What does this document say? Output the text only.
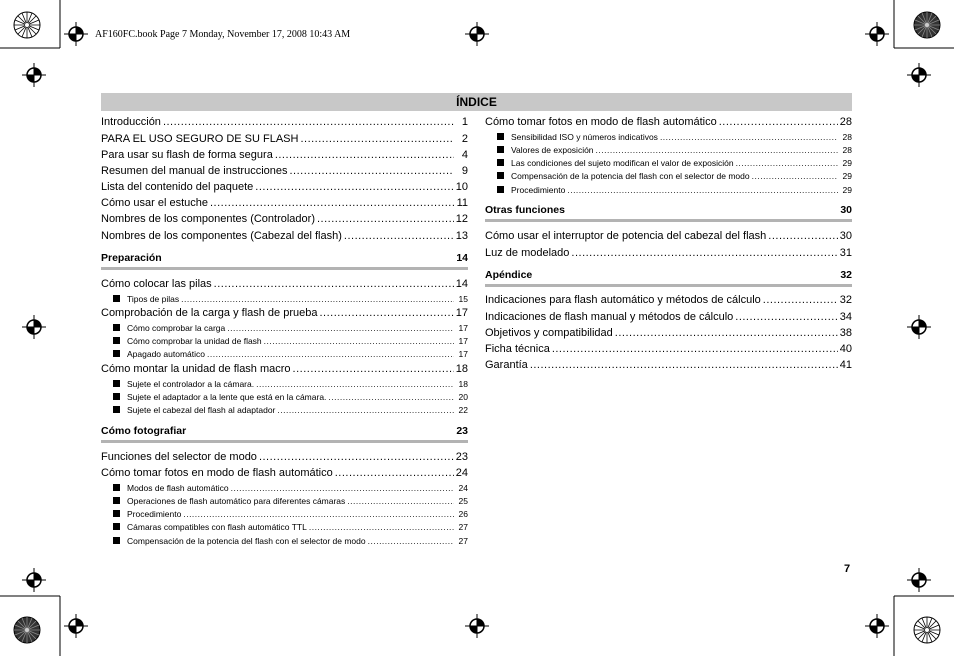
AF160FC.book Page 7 Monday, November 17, 2008 10:43 AM
ÍNDICE
Introducción .....	1
PARA EL USO SEGURO DE SU FLASH .....	2
Para usar su flash de forma segura .....	4
Resumen del manual de instrucciones .....	9
Lista del contenido del paquete .....	10
Cómo usar el estuche .....	11
Nombres de los componentes (Controlador) .....	12
Nombres de los componentes (Cabezal del flash) .....	13
Preparación	14
Cómo colocar las pilas .....	14
Tipos de pilas .....	15
Comprobación de la carga y flash de prueba .....	17
Cómo comprobar la carga .....	17
Cómo comprobar la unidad de flash .....	17
Apagado automático .....	17
Cómo montar la unidad de flash macro .....	18
Sujete el controlador a la cámara. .....	18
Sujete el adaptador a la lente que está en la cámara. .....	20
Sujete el cabezal del flash al adaptador .....	22
Cómo fotografiar	23
Funciones del selector de modo .....	23
Cómo tomar fotos en modo de flash automático .....	24
Modos de flash automático .....	24
Operaciones de flash automático para diferentes cámaras .....	25
Procedimiento .....	26
Cámaras compatibles con flash automático TTL .....	27
Compensación de la potencia del flash con el selector de modo .....	27
Cómo tomar fotos en modo de flash automático .....	28
Sensibilidad ISO y números indicativos .....	28
Valores de exposición .....	28
Las condiciones del sujeto modifican el valor de exposición .....	29
Compensación de la potencia del flash con el selector de modo .....	29
Procedimiento .....	29
Otras funciones	30
Cómo usar el interruptor de potencia del cabezal del flash .....	30
Luz de modelado .....	31
Apéndice	32
Indicaciones para flash automático y métodos de cálculo .....	32
Indicaciones de flash manual y métodos de cálculo .....	34
Objetivos y compatibilidad .....	38
Ficha técnica .....	40
Garantía .....	41
7
